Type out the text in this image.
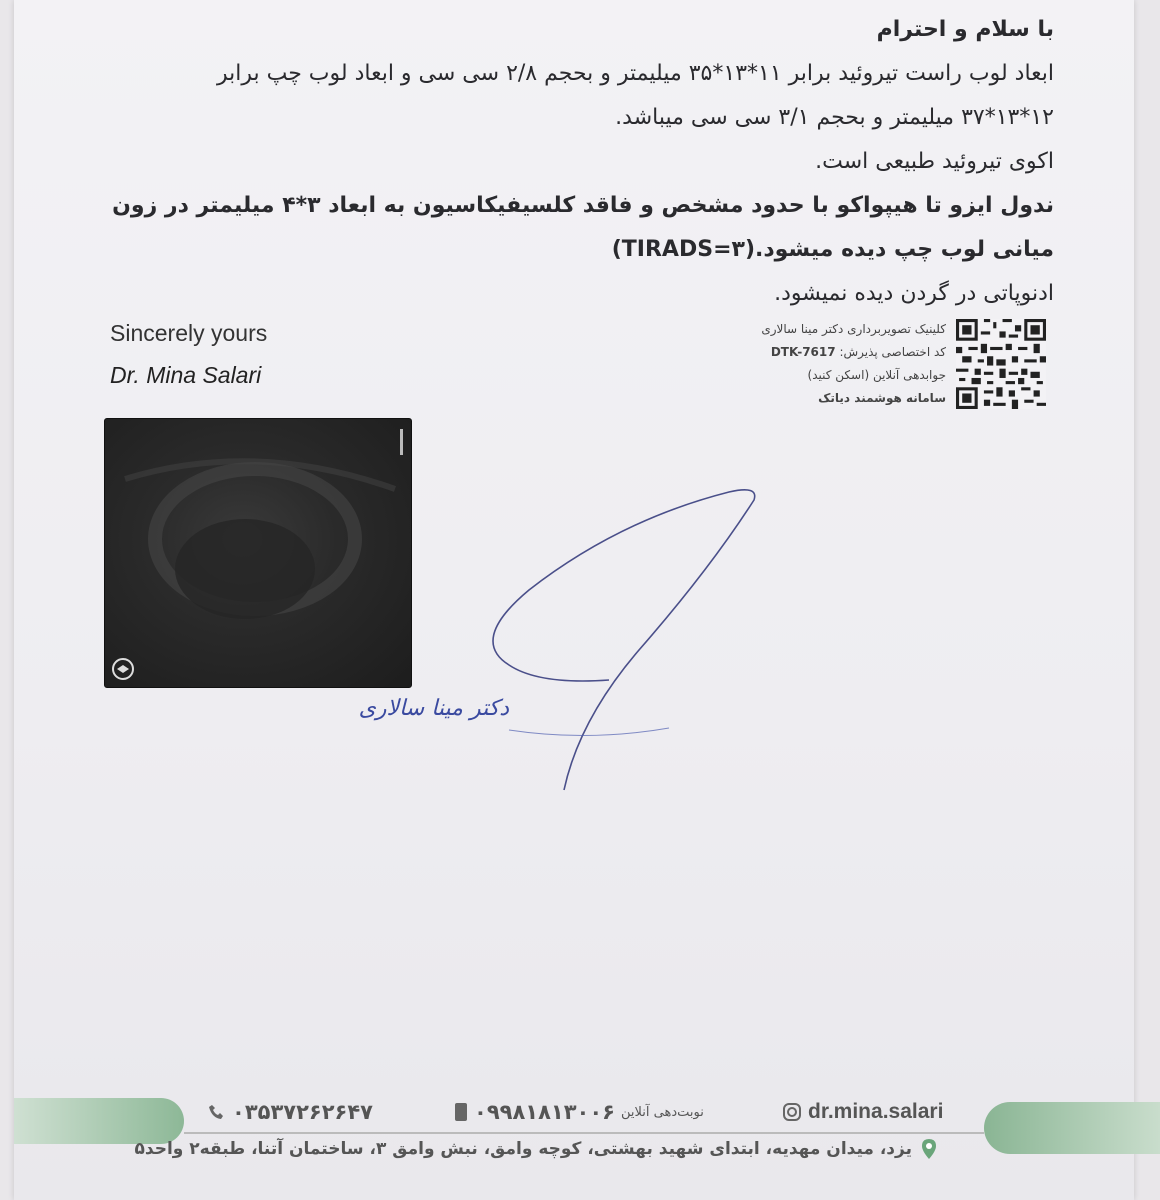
با سلام و احترام

ابعاد لوب راست تیروئید برابر ۱۱*۱۳*۳۵ میلیمتر و بحجم ۲/۸ سی سی و ابعاد لوب چپ برابر

۱۲*۱۳*۳۷ میلیمتر و بحجم ۳/۱ سی سی میباشد.

اکوی تیروئید طبیعی است.

ندول ایزو تا هیپواکو با حدود مشخص و فاقد کلسیفیکاسیون به ابعاد ۳*۴ میلیمتر در زون

میانی لوب چپ دیده میشود.(TIRADS=۳)

ادنوپاتی در گردن دیده نمیشود.

کلینیک تصویربرداری دکتر مینا سالاری
کد اختصاصی پذیرش: DTK-7617
جوابدهی آنلاین (اسکن کنید)
سامانه هوشمند دیاتک
Sincerely yours
Dr. Mina Salari
دکتر مینا سالاری
۰۳۵۳۷۲۶۲۶۴۷	نوبت‌دهی آنلاین
۰۹۹۸۱۸۱۳۰۰۶	dr.mina.salari
یزد، میدان مهدیه، ابتدای شهید بهشتی، کوچه وامق، نبش وامق ۳، ساختمان آتنا، طبقه۲ واحد۵
